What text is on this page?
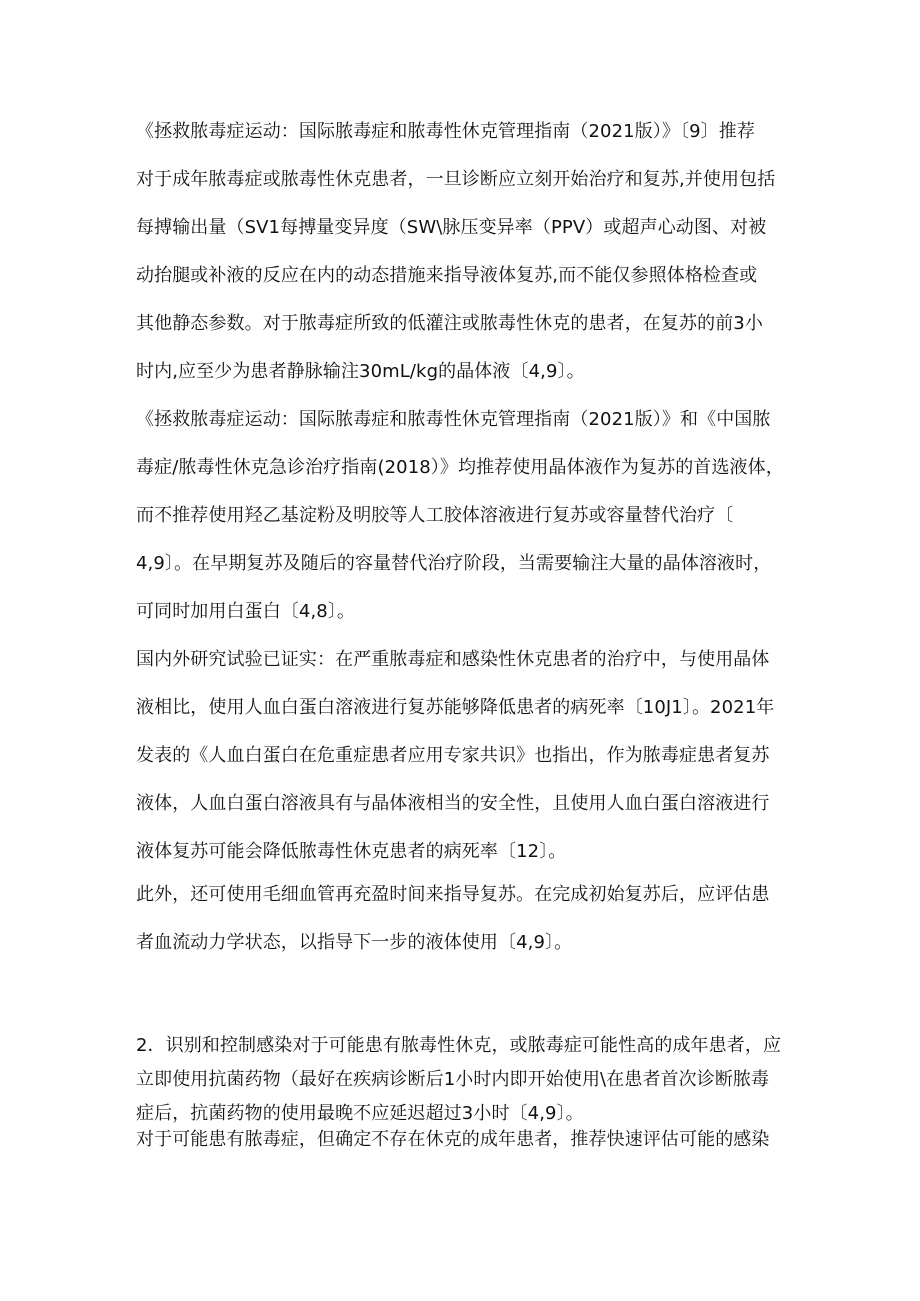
《拯救脓毒症运动：国际脓毒症和脓毒性休克管理指南（2021版）》〔9〕推荐
对于成年脓毒症或脓毒性休克患者，一旦诊断应立刻开始治疗和复苏,并使用包括
每搏输出量（SV1每搏量变异度（SW\脉压变异率（PPV）或超声心动图、对被
动抬腿或补液的反应在内的动态措施来指导液体复苏,而不能仅参照体格检查或
其他静态参数。对于脓毒症所致的低灌注或脓毒性休克的患者，在复苏的前3小
时内,应至少为患者静脉输注30mL/kg的晶体液〔4,9〕。
《拯救脓毒症运动：国际脓毒症和脓毒性休克管理指南（2021版）》和《中国脓
毒症/脓毒性休克急诊治疗指南(2018）》均推荐使用晶体液作为复苏的首选液体，
而不推荐使用羟乙基淀粉及明胶等人工胶体溶液进行复苏或容量替代治疗〔
4,9〕。在早期复苏及随后的容量替代治疗阶段，当需要输注大量的晶体溶液时，
可同时加用白蛋白〔4,8〕。
国内外研究试验已证实：在严重脓毒症和感染性休克患者的治疗中，与使用晶体
液相比，使用人血白蛋白溶液进行复苏能够降低患者的病死率〔10J1〕。2021年
发表的《人血白蛋白在危重症患者应用专家共识》也指出，作为脓毒症患者复苏
液体，人血白蛋白溶液具有与晶体液相当的安全性，且使用人血白蛋白溶液进行
液体复苏可能会降低脓毒性休克患者的病死率〔12〕。
此外，还可使用毛细血管再充盈时间来指导复苏。在完成初始复苏后，应评估患
者血流动力学状态，以指导下一步的液体使用〔4,9〕。
2．识别和控制感染对于可能患有脓毒性休克，或脓毒症可能性高的成年患者，应
立即使用抗菌药物（最好在疾病诊断后1小时内即开始使用\在患者首次诊断脓毒
症后，抗菌药物的使用最晚不应延迟超过3小时〔4,9〕。
对于可能患有脓毒症，但确定不存在休克的成年患者，推荐快速评估可能的感染
